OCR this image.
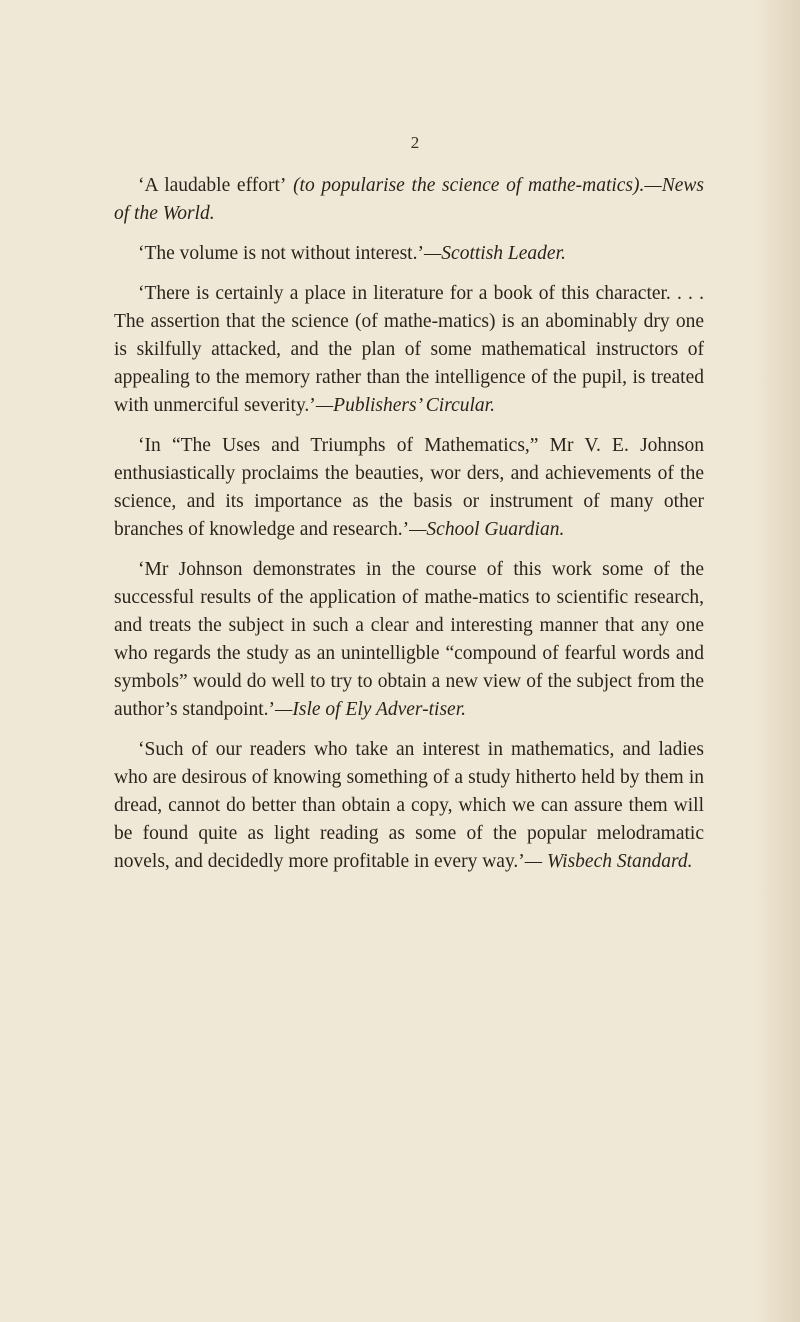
2

‘A laudable effort’ (to popularise the science of mathe-matics).—News of the World.

‘The volume is not without interest.’—Scottish Leader.

‘There is certainly a place in literature for a book of this character. . . . The assertion that the science (of mathe-matics) is an abominably dry one is skilfully attacked, and the plan of some mathematical instructors of appealing to the memory rather than the intelligence of the pupil, is treated with unmerciful severity.’—Publishers’ Circular.

‘In “The Uses and Triumphs of Mathematics,” Mr V. E. Johnson enthusiastically proclaims the beauties, wor ders, and achievements of the science, and its importance as the basis or instrument of many other branches of knowledge and research.’—School Guardian.

‘Mr Johnson demonstrates in the course of this work some of the successful results of the application of mathe-matics to scientific research, and treats the subject in such a clear and interesting manner that any one who regards the study as an unintelligble “compound of fearful words and symbols” would do well to try to obtain a new view of the subject from the author’s standpoint.’—Isle of Ely Adver-tiser.

‘Such of our readers who take an interest in mathematics, and ladies who are desirous of knowing something of a study hitherto held by them in dread, cannot do better than obtain a copy, which we can assure them will be found quite as light reading as some of the popular melodramatic novels, and decidedly more profitable in every way.’— Wisbech Standard.
